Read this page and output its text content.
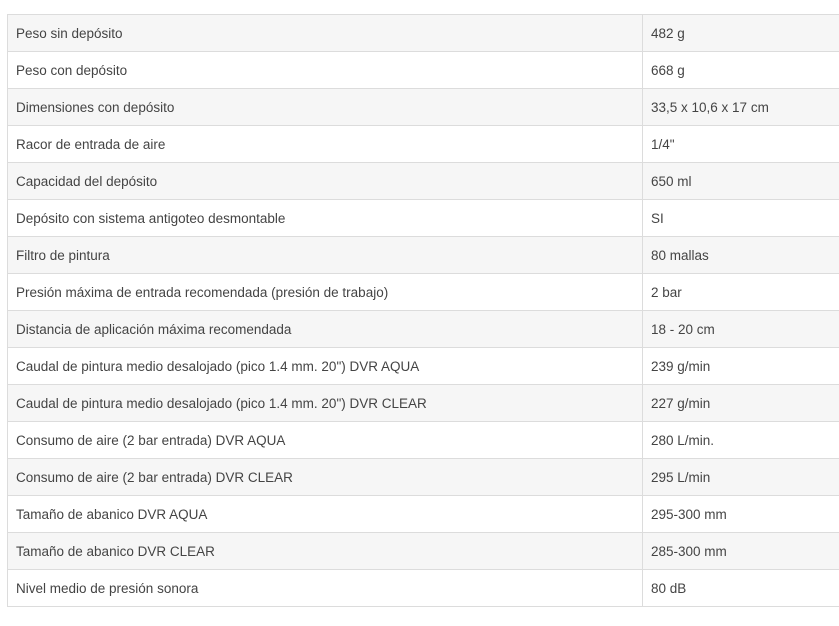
Peso sin depósito	482 g
Peso con depósito	668 g
Dimensiones con depósito	33,5 x 10,6 x 17 cm
Racor de entrada de aire	1/4"
Capacidad del depósito	650 ml
Depósito con sistema antigoteo desmontable	SI
Filtro de pintura	80 mallas
Presión máxima de entrada recomendada (presión de trabajo)	2 bar
Distancia de aplicación máxima recomendada	18 - 20 cm
Caudal de pintura medio desalojado (pico 1.4 mm. 20") DVR AQUA	239 g/min
Caudal de pintura medio desalojado (pico 1.4 mm. 20") DVR CLEAR	227 g/min
Consumo de aire (2 bar entrada) DVR AQUA	280 L/min.
Consumo de aire (2 bar entrada) DVR CLEAR	295 L/min
Tamaño de abanico DVR AQUA	295-300 mm
Tamaño de abanico DVR CLEAR	285-300 mm
Nivel medio de presión sonora	80 dB
